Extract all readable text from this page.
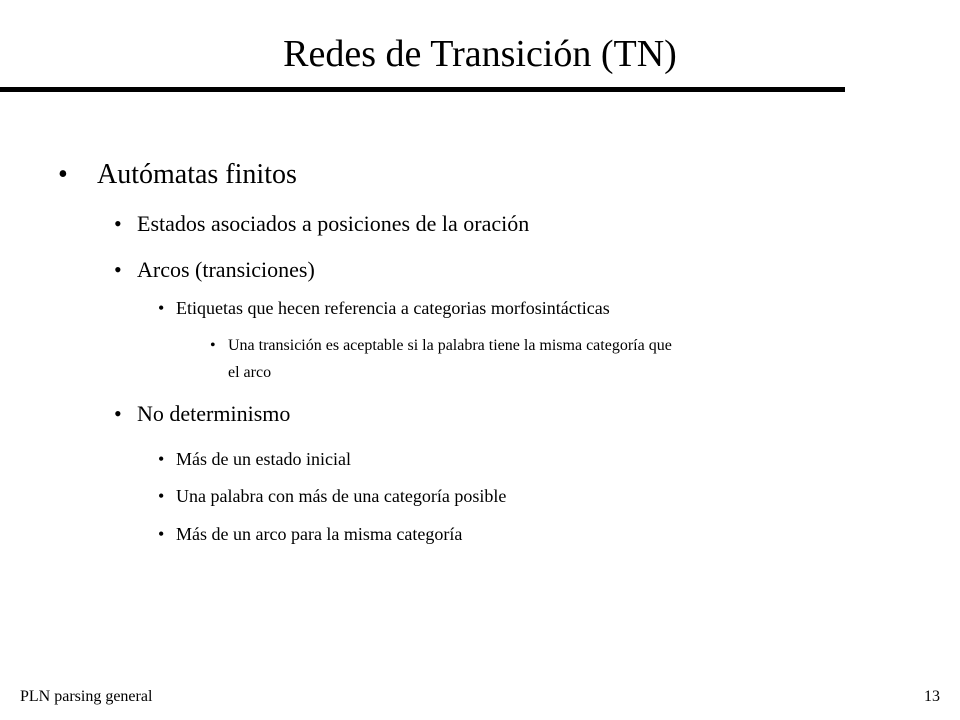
Redes de Transición (TN)
• Autómatas finitos
• Estados asociados a posiciones de la oración
• Arcos (transiciones)
• Etiquetas que hecen referencia a categorias morfosintácticas
• Una transición es aceptable si la palabra tiene la misma categoría que
el arco
• No determinismo
• Más de un estado inicial
• Una palabra con más de una categoría posible
• Más de un arco para la misma categoría
PLN parsing general	13
